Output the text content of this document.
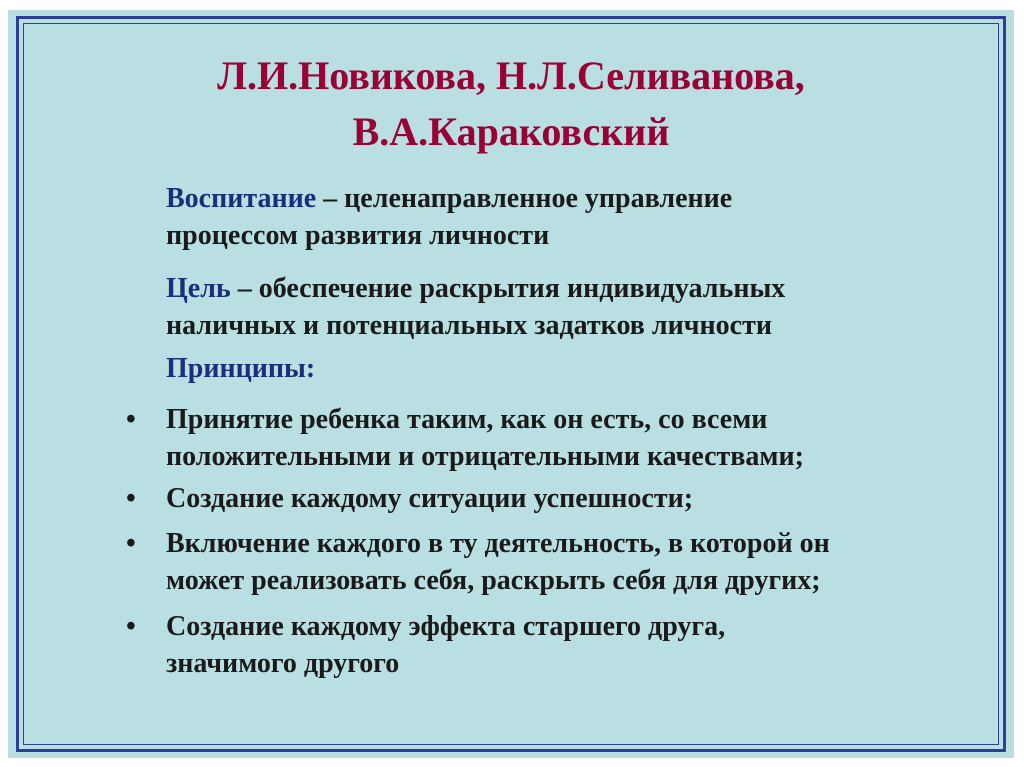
Л.И.Новикова, Н.Л.Селиванова,
В.А.Караковский
Воспитание – целенаправленное управление
процессом развития личности
Цель – обеспечение раскрытия индивидуальных
наличных и потенциальных задатков личности
Принципы:
•	Принятие ребенка таким, как он есть, со всеми
положительными и отрицательными качествами;
•	Создание каждому ситуации успешности;
•	Включение каждого в ту деятельность, в которой он
может реализовать себя, раскрыть себя для других;
•	Создание каждому эффекта старшего друга,
значимого другого
